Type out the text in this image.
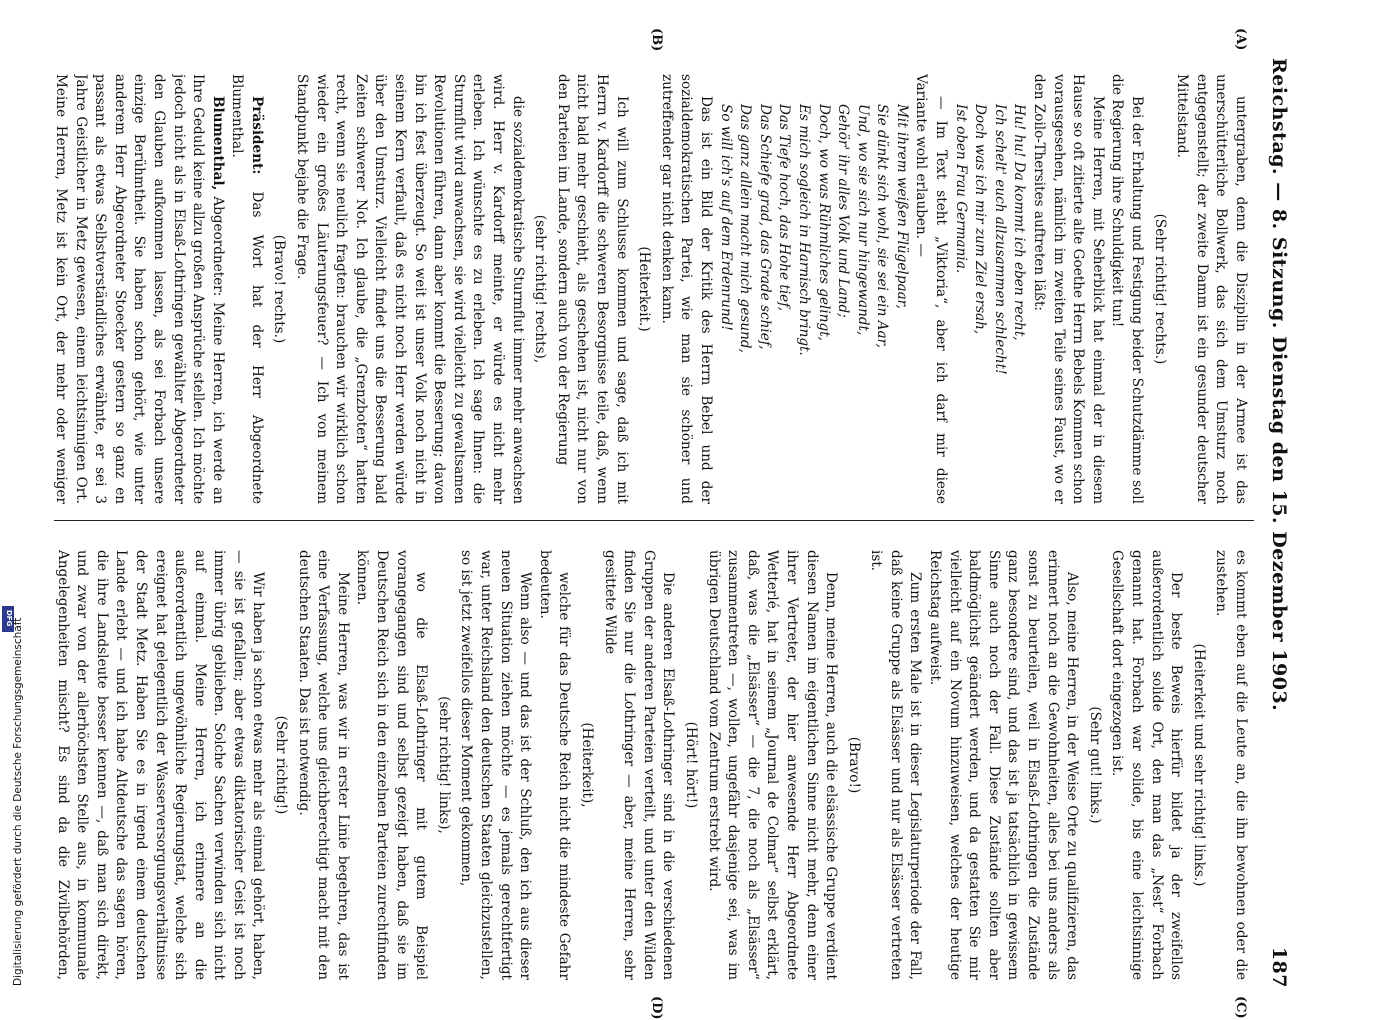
Reichstag. — 8. Sitzung. Dienstag den 15. Dezember 1903.
187
(A)
(B)
(C)
(D)

untergraben, denn die Disziplin in der Armee ist das unerschütterliche Bollwerk, das sich dem Umsturz noch entgegenstellt; der zweite Damm ist ein gesunder deutscher Mittelstand.

(Sehr richtig! rechts.)

Bei der Erhaltung und Festigung beider Schutzdämme soll die Regierung ihre Schuldigkeit tun!

Meine Herren, mit Seherblick hat einmal der in diesem Hause so oft zitierte alte Goethe Herrn Bebels Kommen schon vorausgesehen, nämlich im zweiten Teile seines Faust, wo er den Zoilo-Thersites auftreten läßt:

Hu! hu! Da kommt ich eben recht,
Ich schelt' euch allzusammen schlecht!
Doch was ich mir zum Ziel ersah,
Ist oben Frau Germania.

— Im Text steht „Viktoria“, aber ich darf mir diese Variante wohl erlauben. —

Mit ihrem weißen Flügelpaar,
Sie dünkt sich wohl, sie sei ein Aar,
Und, wo sie sich nur hingewandt,
Gehör' ihr alles Volk und Land;
Doch, wo was Rühmliches gelingt,
Es mich sogleich in Harnisch bringt.
Das Tiefe hoch, das Hohe tief,
Das Schiefe grad, das Grade schief,
Das ganz allein macht mich gesund,
So will ich's auf dem Erdenrund!

Das ist ein Bild der Kritik des Herrn Bebel und der sozialdemokratischen Partei, wie man sie schöner und zutreffender gar nicht denken kann.

(Heiterkeit.)

Ich will zum Schlusse kommen und sage, daß ich mit Herrn v. Kardorff die schweren Besorgnisse teile, daß, wenn nicht bald mehr geschieht, als geschehen ist, nicht nur von den Parteien im Lande, sondern auch von der Regierung

(sehr richtig! rechts),

die sozialdemokratische Sturmflut immer mehr anwachsen wird. Herr v. Kardorff meinte, er würde es nicht mehr erleben. Ich wünschte es zu erleben. Ich sage Ihnen: die Sturmflut wird anwachsen, sie wird vielleicht zu gewaltsamen Revolutionen führen, dann aber kommt die Besserung; davon bin ich fest überzeugt. So weit ist unser Volk noch nicht in seinem Kern verfault, daß es nicht noch Herr werden würde über den Umsturz. Vielleicht findet uns die Besserung bald Zeiten schwerer Not. Ich glaube, die „Grenzboten“ hatten recht, wenn sie neulich fragten: brauchen wir wirklich schon wieder ein großes Läuterungsfeuer? — Ich von meinem Standpunkt bejahe die Frage.

(Bravo! rechts.)

Präsident: Das Wort hat der Herr Abgeordnete Blumenthal.

Blumenthal, Abgeordneter: Meine Herren, ich werde an Ihre Geduld keine allzu großen Ansprüche stellen. Ich möchte jedoch nicht als in Elsaß-Lothringen gewählter Abgeordneter den Glauben aufkommen lassen, als sei Forbach unsere einzige Berühmtheit. Sie haben schon gehört, wie unter anderem Herr Abgeordneter Stoecker gestern so ganz en passant als etwas Selbstverständliches erwähnte, er sei 3 Jahre Geistlicher in Metz gewesen, einem leichtsinnigen Ort. Meine Herren, Metz ist kein Ort, der mehr oder weniger

es kommt eben auf die Leute an, die ihn bewohnen oder die zustehen.

(Heiterkeit und sehr richtig! links.)

Der beste Beweis hierfür bildet ja der zweifellos außerordentlich solide Ort, den man das „Nest“ Forbach genannt hat. Forbach war solide, bis eine leichtsinnige Gesellschaft dort eingezogen ist.

(Sehr gut! links.)

Also, meine Herren, in der Weise Orte zu qualifizieren, das erinnert noch an die Gewohnheiten, alles bei uns anders als sonst zu beurteilen, weil in Elsaß-Lothringen die Zustände ganz besondere sind, und das ist ja tatsächlich in gewissem Sinne auch noch der Fall. Diese Zustände sollten aber baldmöglichst geändert werden, und da gestatten Sie mir vielleicht auf ein Novum hinzuweisen, welches der heutige Reichstag aufweist.

Zum ersten Male ist in dieser Legislaturperiode der Fall, daß keine Gruppe als Elsässer und nur als Elsässer vertreten ist.

(Bravo!)

Denn, meine Herren, auch die elsässische Gruppe verdient diesen Namen im eigentlichen Sinne nicht mehr, denn einer ihrer Vertreter, der hier anwesende Herr Abgeordnete Wetterlé, hat in seinem „Journal de Colmar“ selbst erklärt, daß, was die „Elsässer“ — die 7, die noch als „Elsässer“ zusammentreten —, wollen, ungefähr dasjenige sei, was im übrigen Deutschland vom Zentrum erstrebt wird.

(Hört! hört!)

Die anderen Elsaß-Lothringer sind in die verschiedenen Gruppen der anderen Parteien verteilt, und unter den Wilden finden Sie nur die Lothringer — aber, meine Herren, sehr gesittete Wilde

(Heiterkeit),

welche für das Deutsche Reich nicht die mindeste Gefahr bedeuten.

Wenn also — und das ist der Schluß, den ich aus dieser neuen Situation ziehen möchte — es jemals gerechtfertigt war, unter Reichsland den deutschen Staaten gleichzustellen, so ist jetzt zweifellos dieser Moment gekommen,

(sehr richtig! links),

wo die Elsaß-Lothringer mit gutem Beispiel vorangegangen sind und selbst gezeigt haben, daß sie im Deutschen Reich sich in den einzelnen Parteien zurechtfinden können.

Meine Herren, was wir in erster Linie begehren, das ist eine Verfassung, welche uns gleichberechtigt macht mit den deutschen Staaten. Das ist notwendig.

(Sehr richtig!)

Wir haben ja schon etwas mehr als einmal gehört, haben, — sie ist gefallen; aber etwas diktatorischer Geist ist noch immer übrig geblieben. Solche Sachen verwinden sich nicht auf einmal. Meine Herren, ich erinnere an die außerordentlich ungewöhnliche Regierungstat, welche sich ereignet hat gelegentlich der Wasserversorgungsverhältnisse der Stadt Metz. Haben Sie es in irgend einem deutschen Lande erlebt — und ich habe Altdeutsche das sagen hören, die ihre Landsleute besser kennen —, daß man sich direkt, und zwar von der allerhöchsten Stelle aus, in kommunale Angelegenheiten mischt? Es sind da die Zivilbehörden,

DFG Digitalisierung gefördert durch die Deutsche Forschungsgemeinschaft
